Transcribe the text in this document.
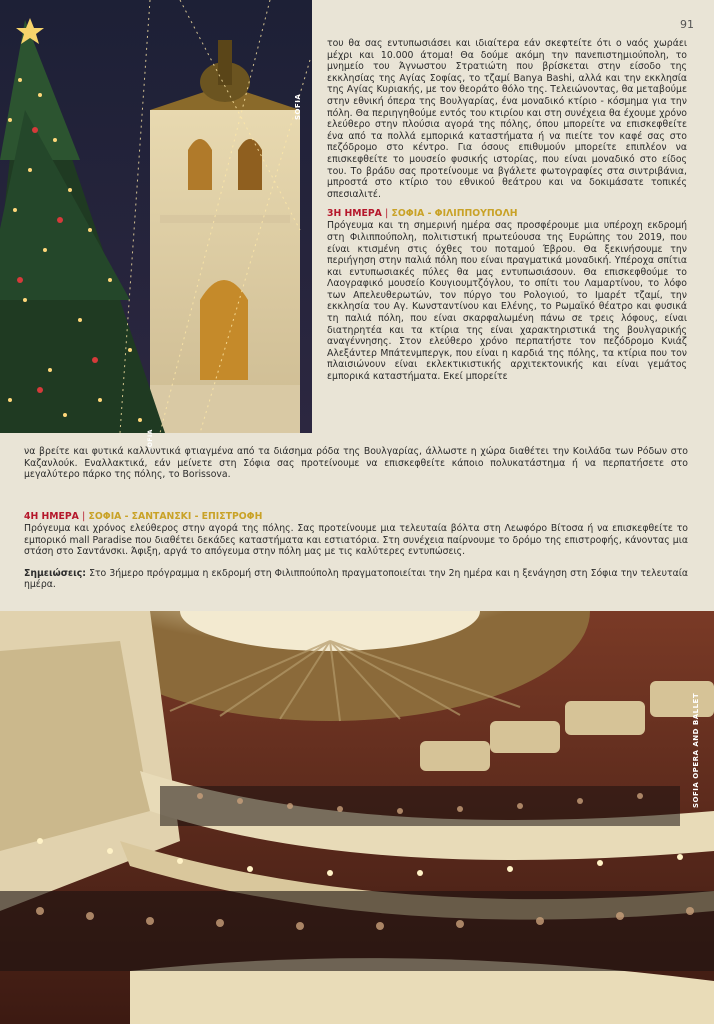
SOFIA
SOFIA
91

του θα σας εντυπωσιάσει και ιδιαίτερα εάν σκεφτείτε ότι ο ναός χωράει μέχρι και 10.000 άτομα! Θα δούμε ακόμη την πανεπιστημιούπολη, το μνημείο του Άγνωστου Στρατιώτη που βρίσκεται στην είσοδο της εκκλησίας της Αγίας Σοφίας, το τζαμί Banya Bashi, αλλά και την εκκλησία της Αγίας Κυριακής, με τον θεοράτο θόλο της. Τελειώνοντας, θα μεταβούμε στην εθνική όπερα της Βουλγαρίας, ένα μοναδικό κτίριο - κόσμημα για την πόλη. Θα περιηγηθούμε εντός του κτιρίου και στη συνέχεια θα έχουμε χρόνο ελεύθερο στην πλούσια αγορά της πόλης, όπου μπορείτε να επισκεφθείτε ένα από τα πολλά εμπορικά καταστήματα ή να πιείτε τον καφέ σας στο πεζόδρομο στο κέντρο. Για όσους επιθυμούν μπορείτε επιπλέον να επισκεφθείτε το μουσείο φυσικής ιστορίας, που είναι μοναδικό στο είδος του. Το βράδυ σας προτείνουμε να βγάλετε φωτογραφίες στα σιντριβάνια, μπροστά στο κτίριο του εθνικού θεάτρου και να δοκιμάσατε τοπικές σπεσιαλιτέ.

3Η ΗΜΕΡΑ | ΣΟΦΙΑ - ΦΙΛΙΠΠΟΥΠΟΛΗ

Πρόγευμα και τη σημερινή ημέρα σας προσφέρουμε μια υπέροχη εκδρομή στη Φιλιππούπολη, πολιτιστική πρωτεύουσα της Ευρώπης του 2019, που είναι κτισμένη στις όχθες του ποταμού Έβρου. Θα ξεκινήσουμε την περιήγηση στην παλιά πόλη που είναι πραγματικά μοναδική. Υπέροχα σπίτια και εντυπωσιακές πύλες θα μας εντυπωσιάσουν. Θα επισκεφθούμε το Λαογραφικό μουσείο Κουγιουμτζόγλου, το σπίτι του Λαμαρτίνου, το λόφο των Απελευθερωτών, τον πύργο του Ρολογιού, το Ιμαρέτ τζαμί, την εκκλησία του Αγ. Κωνσταντίνου και Ελένης, το Ρωμαϊκό θέατρο και φυσικά τη παλιά πόλη, που είναι σκαρφαλωμένη πάνω σε τρεις λόφους, είναι διατηρητέα και τα κτίρια της είναι χαρακτηριστικά της βουλγαρικής αναγέννησης. Στον ελεύθερο χρόνο περπατήστε τον πεζόδρομο Κνιάζ Αλεξάντερ Μπάτενμπεργκ, που είναι η καρδιά της πόλης, τα κτίρια που τον πλαισιώνουν είναι εκλεκτικιστικής αρχιτεκτονικής και είναι γεμάτος εμπορικά καταστήματα. Εκεί μπορείτε

να βρείτε και φυτικά καλλυντικά φτιαγμένα από τα διάσημα ρόδα της Βουλγαρίας, άλλωστε η χώρα διαθέτει την Κοιλάδα των Ρόδων στο Καζανλούκ. Εναλλακτικά, εάν μείνετε στη Σόφια σας προτείνουμε να επισκεφθείτε κάποιο πολυκατάστημα ή να περπατήσετε στο μεγαλύτερο πάρκο της πόλης, το Borissova.

4Η ΗΜΕΡΑ | ΣΟΦΙΑ - ΣΑΝΤΑΝΣΚΙ - ΕΠΙΣΤΡΟΦΗ

Πρόγευμα και χρόνος ελεύθερος στην αγορά της πόλης. Σας προτείνουμε μια τελευταία βόλτα στη Λεωφόρο Βίτοσα ή να επισκεφθείτε το εμπορικό mall Paradise που διαθέτει δεκάδες καταστήματα και εστιατόρια. Στη συνέχεια παίρνουμε το δρόμο της επιστροφής, κάνοντας μια στάση στο Σαντάνσκι. Άφιξη, αργά το απόγευμα στην πόλη μας με τις καλύτερες εντυπώσεις.

Σημειώσεις: Στο 3ήμερο πρόγραμμα η εκδρομή στη Φιλιππούπολη πραγματοποιείται την 2η ημέρα και η ξενάγηση στη Σόφια την τελευταία ημέρα.

SOFIA OPERA AND BALLET
